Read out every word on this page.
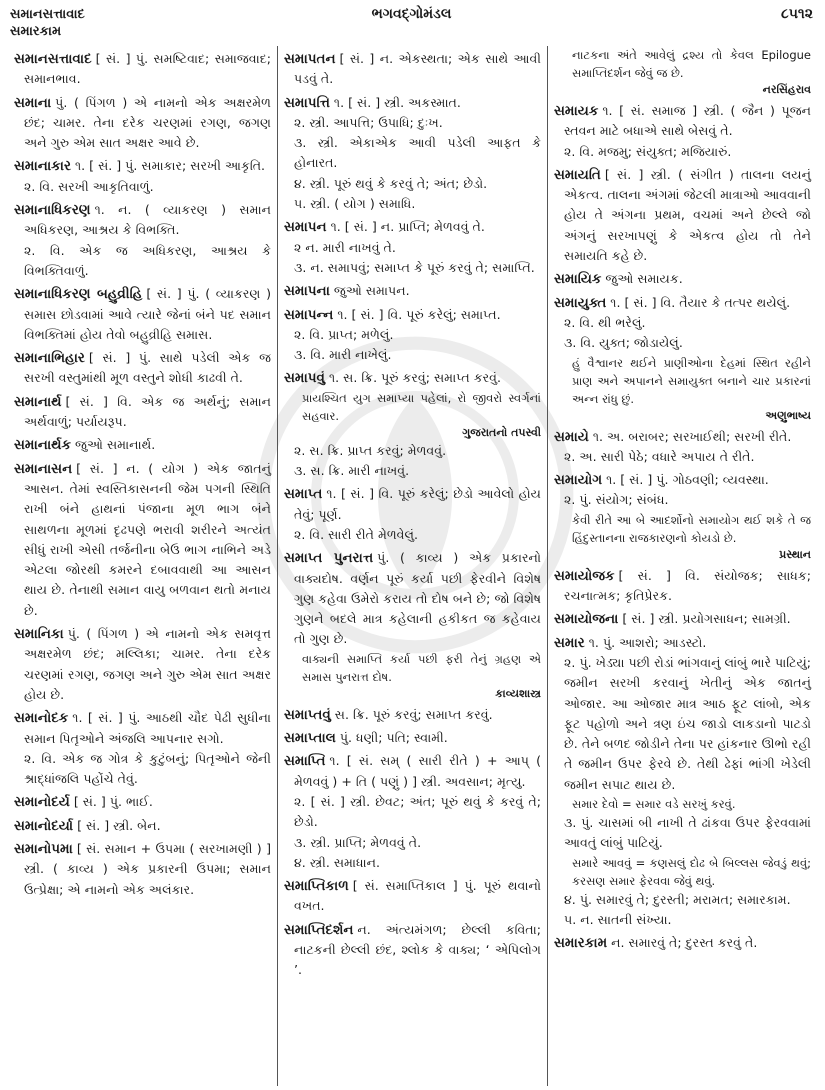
સમાનસત્તાવાદ
સમારકામ
ભગવદ્ગોમંડલ	૮૫૧૨

સમાનસત્તાવાદ [ સં. ] પું. સમષ્ટિવાદ; સમાજવાદ; સમાનભાવ.

સમાના પું. ( પિંગળ ) એ નામનો એક અક્ષરમેળ છંદ; ચામર. તેના દરેક ચરણમાં રગણ, જગણ અને ગુરુ એમ સાત અક્ષર આવે છે.

સમાનાકાર ૧. [ સં. ] પું. સમાકાર; સરખી આકૃતિ.

૨. વિ. સરખી આકૃતિવાળું.

સમાનાધિકરણ ૧. ન. ( વ્યાકરણ ) સમાન અધિકરણ, આશ્રય કે વિભક્તિ.

૨. વિ. એક જ અધિકરણ, આશ્રય કે વિભક્તિવાળું.

સમાનાધિકરણ બહુવ્રીહિ [ સં. ] પું. ( વ્યાકરણ ) સમાસ છોડવામાં આવે ત્યારે જેનાં બંને પદ સમાન વિભક્તિમાં હોય તેવો બહુવ્રીહિ સમાસ.

સમાનાભિહાર [ સં. ] પું. સાથે પડેલી એક જ સરખી વસ્તુમાંથી મૂળ વસ્તુને શોધી કાઢવી તે.

સમાનાર્થ [ સં. ] વિ. એક જ અર્થનું; સમાન અર્થવાળું; પર્યાયરૂપ.

સમાનાર્થક જુઓ સમાનાર્થ.

સમાનાસન [ સં. ] ન. ( યોગ ) એક જાતનું આસન. તેમાં સ્વસ્તિકાસનની જેમ પગની સ્થિતિ રાખી બંને હાથનાં પંજાના મૂળ ભાગ બંને સાથળના મૂળમાં દૃઢપણે ભરાવી શરીરને અત્યંત સીધું રાખી એસી તર્જનીના બેઉ ભાગ નાભિને અડે એટલા જોરથી કમરને દબાવવાથી આ આસન થાય છે. તેનાથી સમાન વાયુ બળવાન થતો મનાય છે.

સમાનિકા પું. ( પિંગળ ) એ નામનો એક સમવૃત્ત અક્ષરમેળ છંદ; મલ્લિકા; ચામર. તેના દરેક ચરણમાં રગણ, જગણ અને ગુરુ એમ સાત અક્ષર હોય છે.

સમાનોદક ૧. [ સં. ] પું. આઠથી ચૌદ પેઢી સુધીના સમાન પિતૃઓને અંજલિ આપનાર સગો.

૨. વિ. એક જ ગોત્ર કે કુટુંબનું; પિતૃઓને જેની શ્રાદ્ધાંજલિ પહોંચે તેવું.

સમાનોદર્ય [ સં. ] પું. ભાઈ.

સમાનોદર્યા [ સં. ] સ્ત્રી. બેન.

સમાનોપમા [ સં. સમાન + ઉપમા ( સરખામણી ) ] સ્ત્રી. ( કાવ્ય ) એક પ્રકારની ઉપમા; સમાન ઉત્પ્રેક્ષા; એ નામનો એક અલંકાર.

સમાપતન [ સં. ] ન. એકસ્થતા; એક સાથે આવી પડવું તે.

સમાપત્તિ ૧. [ સં. ] સ્ત્રી. અકસ્માત.

૨. સ્ત્રી. આપત્તિ; ઉપાધિ; દુઃખ.

૩. સ્ત્રી. એકાએક આવી પડેલી આફત કે હોનારત.

૪. સ્ત્રી. પૂરું થવું કે કરવું તે; અંત; છેડો.

૫. સ્ત્રી. ( યોગ ) સમાધિ.

સમાપન ૧. [ સં. ] ન. પ્રાપ્તિ; મેળવવું તે.

૨ ન. મારી નાખવું તે.

૩. ન. સમાપવું; સમાપ્ત કે પૂરું કરવું તે; સમાપ્તિ.

સમાપના જુઓ સમાપન.

સમાપન્ન ૧. [ સં. ] વિ. પૂરું કરેલું; સમાપ્ત.

૨. વિ. પ્રાપ્ત; મળેલું.

૩. વિ. મારી નાખેલું.

સમાપવું ૧. સ. ક્રિ. પૂરું કરવું; સમાપ્ત કરવું.

પ્રાયશ્ચિત યુગ સમાપ્યા પહેલાં, રો જીવરો સ્વર્ગનાં સહવાર.

ગુજરાતનો તપસ્વી

૨. સ. ક્રિ. પ્રાપ્ત કરવું; મેળવવું.

૩. સ. ક્રિ. મારી નાખવું.

સમાપ્ત ૧. [ સં. ] વિ. પૂરું કરેલું; છેડો આવેલો હોય તેવું; પૂર્ણ.

૨. વિ. સારી રીતે મેળવેલું.

સમાપ્ત પુનરાત્ત પું. ( કાવ્ય ) એક પ્રકારનો વાક્યદોષ. વર્ણન પૂરું કર્યા પછી ફેરવીને વિશેષ ગુણ કહેવા ઉમેરો કરાય તો દોષ બને છે; જો વિશેષ ગુણને બદલે માત્ર કહેલાની હકીકત જ કહેવાય તો ગુણ છે.

વાક્યની સમાપ્તિ કર્યા પછી ફરી તેનું ગ્રહણ એ સમાસ પુનરાત્ત દોષ.

કાવ્યશાસ્ત્ર

સમાપ્તવું સ. ક્રિ. પૂરું કરવું; સમાપ્ત કરવું.

સમાપ્તાલ પું. ધણી; પતિ; સ્વામી.

સમાપ્તિ ૧. [ સં. સમ્ ( સારી રીતે ) + આપ્ ( મેળવવું ) + તિ ( પણું ) ] સ્ત્રી. અવસાન; મૃત્યુ.

૨. [ સં. ] સ્ત્રી. છેવટ; અંત; પૂરું થવું કે કરવું તે; છેડો.

૩. સ્ત્રી. પ્રાપ્તિ; મેળવવું તે.

૪. સ્ત્રી. સમાધાન.

સમાપ્તિકાળ [ સં. સમાપ્તિકાલ ] પું. પૂરું થવાનો વખત.

સમાપ્તિદર્શન ન. અંત્યમંગળ; છેલ્લી કવિતા; નાટકની છેલ્લી છંદ, શ્લોક કે વાક્ય; ‘ એપિલોગ ’.

નાટકના અંતે આવેલું દ્રશ્ય તો કેવલ Epilogue સમાપ્તિદર્શન જેવું જ છે.

નરસિંહરાવ

સમાયક ૧. [ સં. સમાજ ] સ્ત્રી. ( જૈન ) પૂજન સ્તવન માટે બધાએ સાથે બેસવું તે.

૨. વિ. મજમુ; સંયુક્ત; મજિયારું.

સમાયતિ [ સં. ] સ્ત્રી. ( સંગીત ) તાલના લયનું એકત્વ. તાલના અંગમાં જેટલી માત્રાઓ આવવાની હોય તે અંગના પ્રથમ, વચમાં અને છેલ્લે જો અંગનું સરખાપણું કે એકત્વ હોય તો તેને સમાયતિ કહે છે.

સમાયિક જુઓ સમાયક.

સમાયુક્ત ૧. [ સં. ] વિ. તૈયાર કે તત્પર થયેલું.

૨. વિ. થી ભરેલું.

૩. વિ. યુક્ત; જોડાયેલું.

હું વૈશ્વાનર થઈને પ્રાણીઓના દેહમાં સ્થિત રહીને પ્રાણ અને અપાનને સમાયુક્ત બનાને ચાર પ્રકારનાં અન્ન રાંધુ છું.

અણુભાષ્ય

સમાયે ૧. અ. બરાબર; સરખાઈથી; સરખી રીતે.

૨. અ. સારી પેઠે; વધારે અપાય તે રીતે.

સમાયોગ ૧. [ સં. ] પું. ગોઠવણી; વ્યવસ્થા.

૨. પું. સંયોગ; સંબંધ.

કેવી રીતે આ બે આદર્શોનો સમાયોગ થઈ શકે તે જ હિંદુસ્તાનના રાજકારણનો કોયડો છે.

પ્રસ્થાન

સમાયોજક [ સં. ] વિ. સંયોજક; સાધક; રચનાત્મક; કૃતિપ્રેરક.

સમાયોજના [ સં. ] સ્ત્રી. પ્રયોગસાધન; સામગ્રી.

સમાર ૧. પું. આશરો; આડસ્ટો.

૨. પું. ખેડ્યા પછી રોડાં ભાંગવાનું લાંબું ભારે પાટિયું; જમીન સરખી કરવાનું ખેતીનું એક જાતનું ઓજાર. આ ઓજાર માત્ર આઠ ફૂટ લાંબો, એક ફૂટ પહોળો અને ત્રણ ઇંચ જાડો લાકડાનો પાટડો છે. તેને બળદ જોડીને તેના પર હાંકનાર ઊભો રહી તે જમીન ઉપર ફેરવે છે. તેથી ઢેફાં ભાંગી ખેડેલી જમીન સપાટ થાય છે.

સમાર દેવો = સમાર વડે સરખું કરવું.

૩. પું. ચાસમાં બી નાખી તે ઢાંકવા ઉપર ફેરવવામાં આવતું લાંબું પાટિયું.

સમારે આવવું = કણસલું દોઢ બે બિલ્લસ જેવડું થવું; કરસણ સમાર ફેરવવા જેવું થવું.

૪. પું. સમારવું તે; દુરસ્તી; મરામત; સમારકામ.

૫. ન. સાતની સંખ્યા.

સમારકામ ન. સમારવું તે; દુરસ્ત કરવું તે.
